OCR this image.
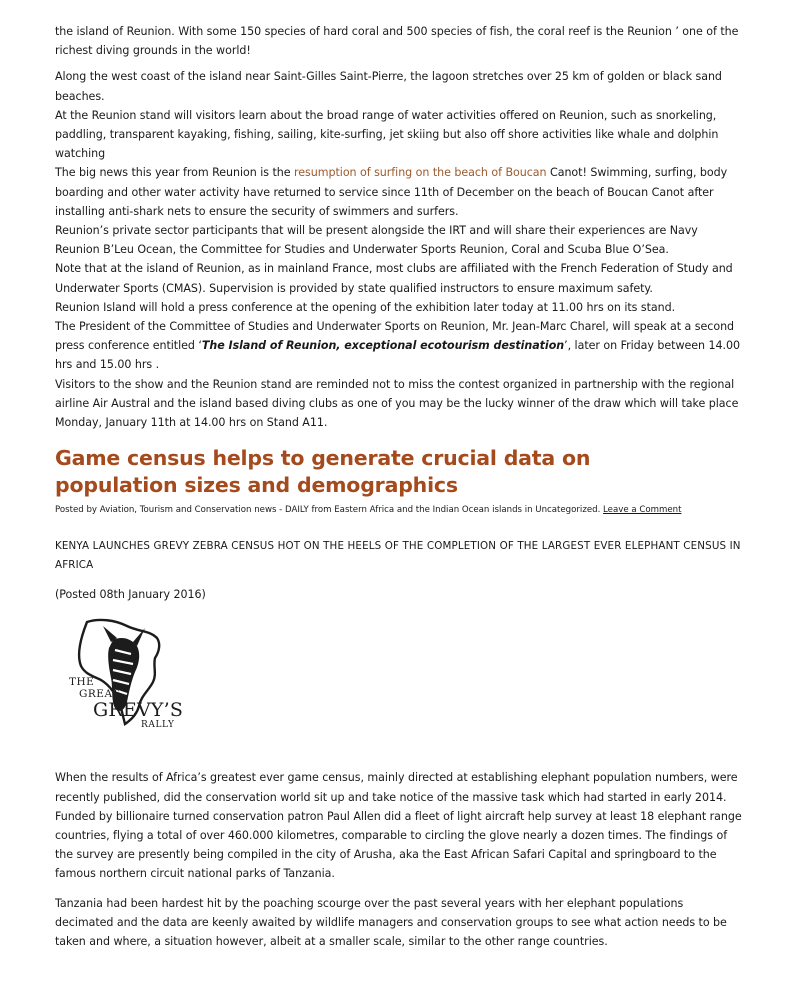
the island of Reunion. With some 150 species of hard coral and 500 species of fish, the coral reef is the Reunion ’ one of the richest diving grounds in the world!

Along the west coast of the island near Saint-Gilles Saint-Pierre, the lagoon stretches over 25 km of golden or black sand beaches.

At the Reunion stand will visitors learn about the broad range of water activities offered on Reunion, such as snorkeling, paddling, transparent kayaking, fishing, sailing, kite-surfing, jet skiing but also off shore activities like whale and dolphin watching

The big news this year from Reunion is the resumption of surfing on the beach of Boucan Canot! Swimming, surfing, body boarding and other water activity have returned to service since 11th of December on the beach of Boucan Canot after installing anti-shark nets to ensure the security of swimmers and surfers.

Reunion’s private sector participants that will be present alongside the IRT and will share their experiences are Navy Reunion B’Leu Ocean, the Committee for Studies and Underwater Sports Reunion, Coral and Scuba Blue O’Sea.

Note that at the island of Reunion, as in mainland France, most clubs are affiliated with the French Federation of Study and Underwater Sports (CMAS). Supervision is provided by state qualified instructors to ensure maximum safety.

Reunion Island will hold a press conference at the opening of the exhibition later today at 11.00 hrs on its stand.

The President of the Committee of Studies and Underwater Sports on Reunion, Mr. Jean-Marc Charel, will speak at a second press conference entitled ‘The Island of Reunion, exceptional ecotourism destination’, later on Friday between 14.00 hrs and 15.00 hrs .

Visitors to the show and the Reunion stand are reminded not to miss the contest organized in partnership with the regional airline Air Austral and the island based diving clubs as one of you may be the lucky winner of the draw which will take place Monday, January 11th at 14.00 hrs on Stand A11.

Game census helps to generate crucial data on population sizes and demographics
Posted by Aviation, Tourism and Conservation news - DAILY from Eastern Africa and the Indian Ocean islands in Uncategorized. Leave a Comment

KENYA LAUNCHES GREVY ZEBRA CENSUS HOT ON THE HEELS OF THE COMPLETION OF THE LARGEST EVER ELEPHANT CENSUS IN AFRICA

(Posted 08th January 2016)

THE
GREAT
GREVY’S
RALLY

When the results of Africa’s greatest ever game census, mainly directed at establishing elephant population numbers, were recently published, did the conservation world sit up and take notice of the massive task which had started in early 2014. Funded by billionaire turned conservation patron Paul Allen did a fleet of light aircraft help survey at least 18 elephant range countries, flying a total of over 460.000 kilometres, comparable to circling the glove nearly a dozen times. The findings of the survey are presently being compiled in the city of Arusha, aka the East African Safari Capital and springboard to the famous northern circuit national parks of Tanzania.

Tanzania had been hardest hit by the poaching scourge over the past several years with her elephant populations decimated and the data are keenly awaited by wildlife managers and conservation groups to see what action needs to be taken and where, a situation however, albeit at a smaller scale, similar to the other range countries.
